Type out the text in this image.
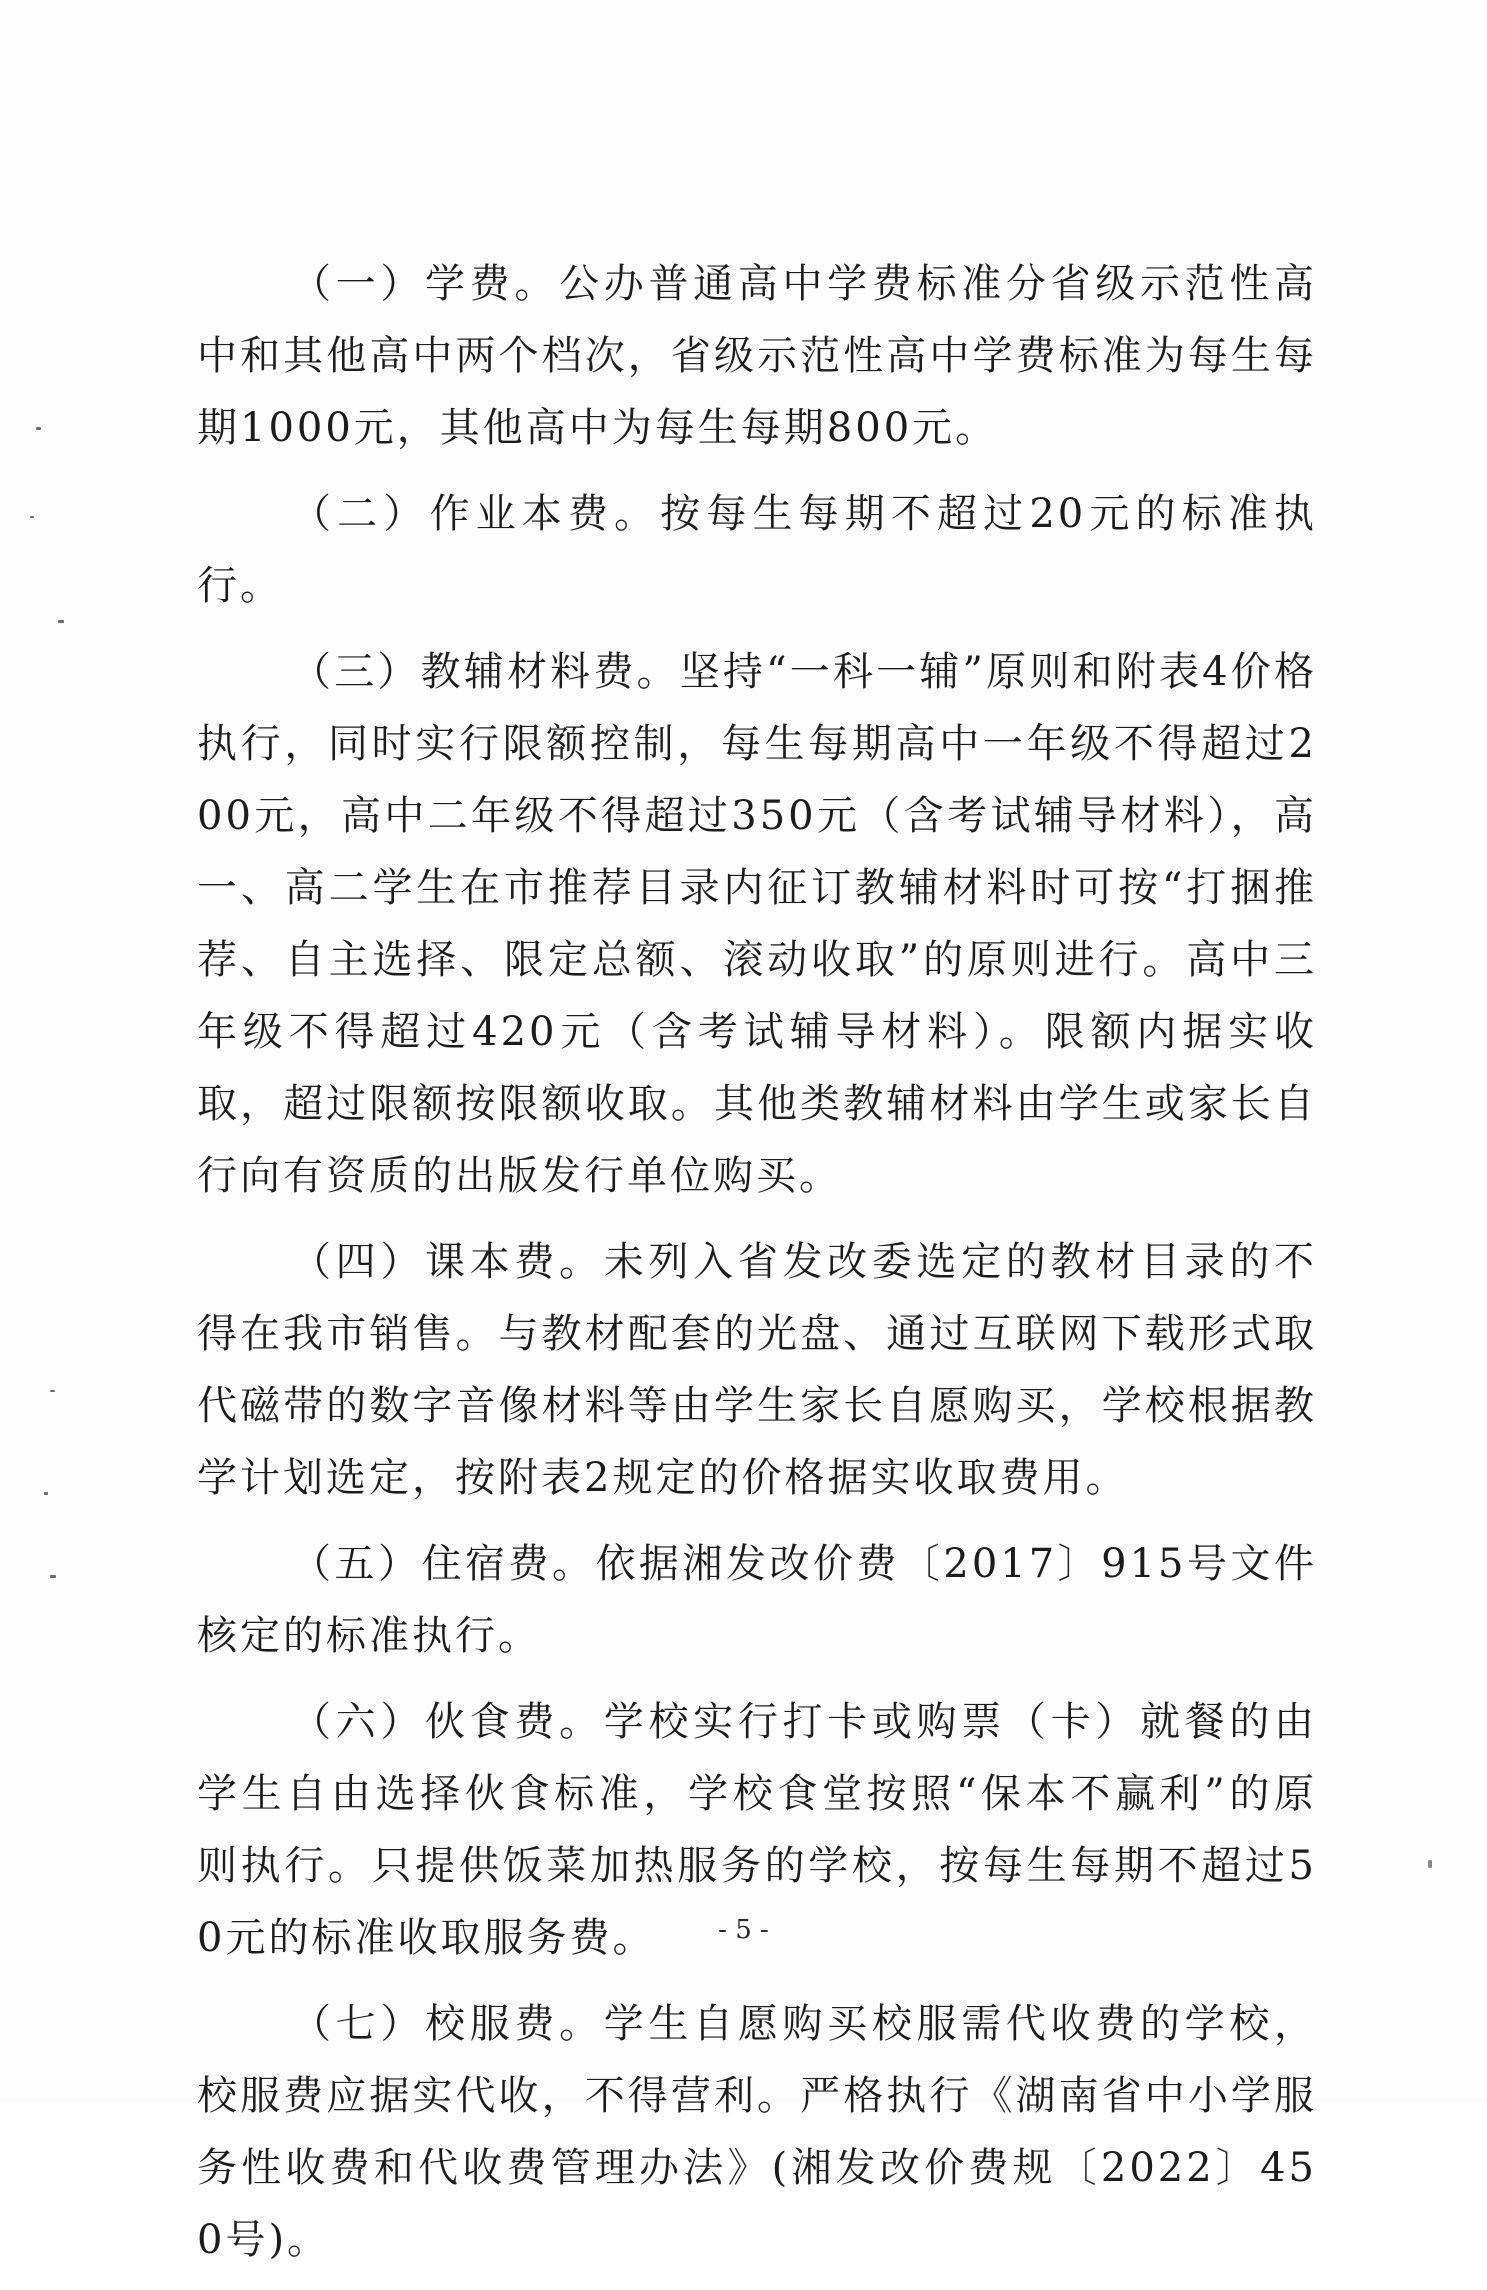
（一）学费。公办普通高中学费标准分省级示范性高中和其他高中两个档次，省级示范性高中学费标准为每生每期1000元，其他高中为每生每期800元。

（二）作业本费。按每生每期不超过20元的标准执行。

（三）教辅材料费。坚持“一科一辅”原则和附表4价格执行，同时实行限额控制，每生每期高中一年级不得超过200元，高中二年级不得超过350元（含考试辅导材料），高一、高二学生在市推荐目录内征订教辅材料时可按“打捆推荐、自主选择、限定总额、滚动收取”的原则进行。高中三年级不得超过420元（含考试辅导材料）。限额内据实收取，超过限额按限额收取。其他类教辅材料由学生或家长自行向有资质的出版发行单位购买。

（四）课本费。未列入省发改委选定的教材目录的不得在我市销售。与教材配套的光盘、通过互联网下载形式取代磁带的数字音像材料等由学生家长自愿购买，学校根据教学计划选定，按附表2规定的价格据实收取费用。

（五）住宿费。依据湘发改价费〔2017〕915号文件核定的标准执行。

（六）伙食费。学校实行打卡或购票（卡）就餐的由学生自由选择伙食标准，学校食堂按照“保本不赢利”的原则执行。只提供饭菜加热服务的学校，按每生每期不超过50元的标准收取服务费。

（七）校服费。学生自愿购买校服需代收费的学校，校服费应据实代收，不得营利。严格执行《湖南省中小学服务性收费和代收费管理办法》(湘发改价费规〔2022〕450号)。

- 5 -
